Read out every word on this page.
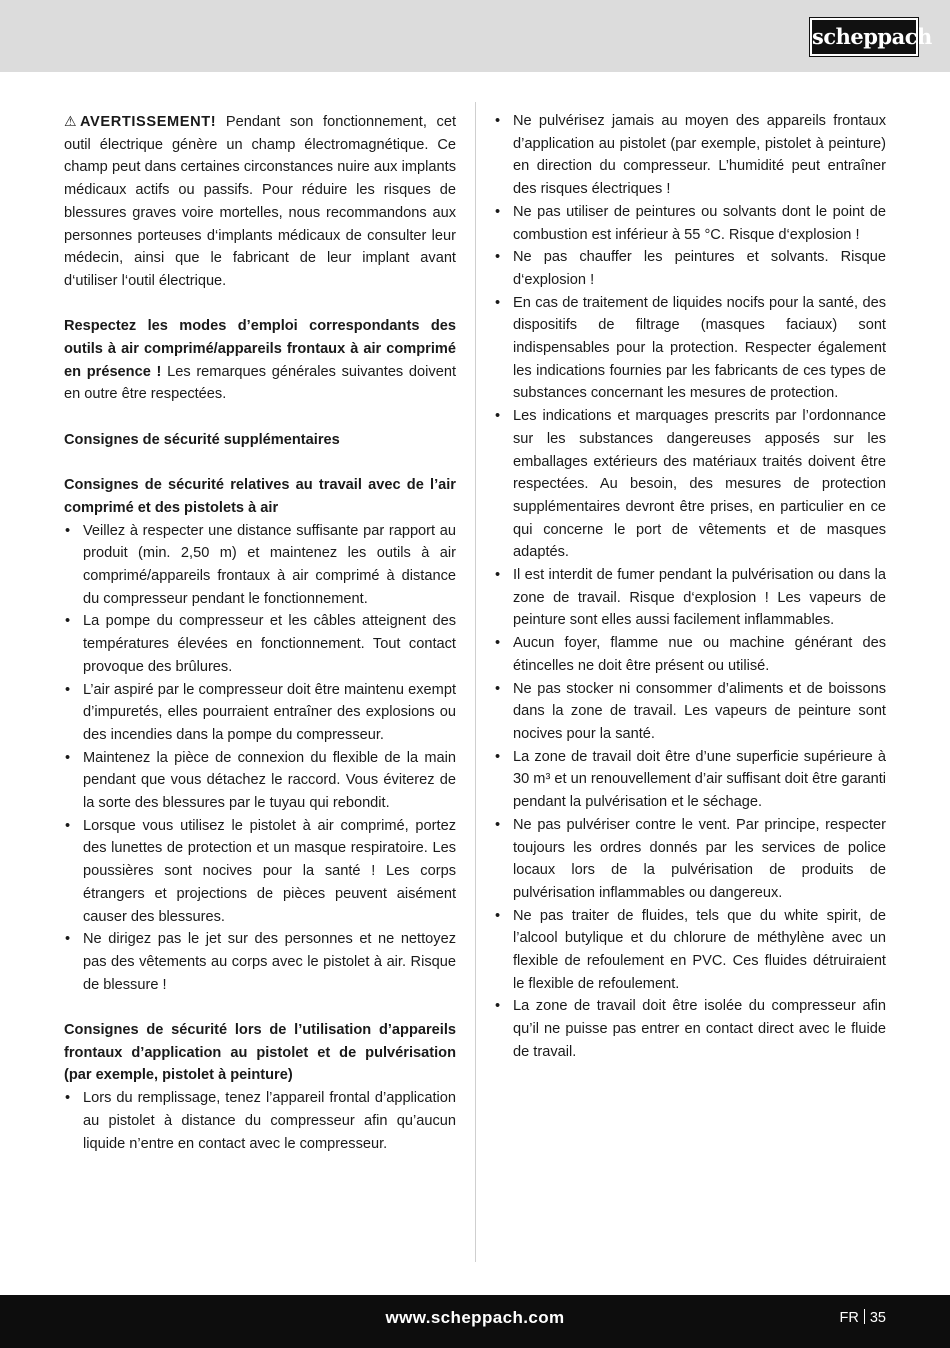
scheppach

⚠ AVERTISSEMENT! Pendant son fonctionnement, cet outil électrique génère un champ électromagnétique. Ce champ peut dans certaines circonstances nuire aux implants médicaux actifs ou passifs. Pour réduire les risques de blessures graves voire mortelles, nous recommandons aux personnes porteuses d‘implants médicaux de consulter leur médecin, ainsi que le fabricant de leur implant avant d‘utiliser l‘outil électrique.

Respectez les modes d’emploi correspondants des outils à air comprimé/appareils frontaux à air comprimé en présence ! Les remarques générales suivantes doivent en outre être respectées.

Consignes de sécurité supplémentaires

Consignes de sécurité relatives au travail avec de l’air comprimé et des pistolets à air

• Veillez à respecter une distance suffisante par rapport au produit (min. 2,50 m) et maintenez les outils à air comprimé/appareils frontaux à air comprimé à distance du compresseur pendant le fonctionnement.
• La pompe du compresseur et les câbles atteignent des températures élevées en fonctionnement. Tout contact provoque des brûlures.
• L’air aspiré par le compresseur doit être maintenu exempt d’impuretés, elles pourraient entraîner des explosions ou des incendies dans la pompe du compresseur.
• Maintenez la pièce de connexion du flexible de la main pendant que vous détachez le raccord. Vous éviterez de la sorte des blessures par le tuyau qui rebondit.
• Lorsque vous utilisez le pistolet à air comprimé, portez des lunettes de protection et un masque respiratoire. Les poussières sont nocives pour la santé ! Les corps étrangers et projections de pièces peuvent aisément causer des blessures.
• Ne dirigez pas le jet sur des personnes et ne nettoyez pas des vêtements au corps avec le pistolet à air. Risque de blessure !

Consignes de sécurité lors de l’utilisation d’appareils frontaux d’application au pistolet et de pulvérisation (par exemple, pistolet à peinture)

• Lors du remplissage, tenez l’appareil frontal d’application au pistolet à distance du compresseur afin qu’aucun liquide n’entre en contact avec le compresseur.
• Ne pulvérisez jamais au moyen des appareils frontaux d’application au pistolet (par exemple, pistolet à peinture) en direction du compresseur. L’humidité peut entraîner des risques électriques !
• Ne pas utiliser de peintures ou solvants dont le point de combustion est inférieur à 55 °C. Risque d‘explosion !
• Ne pas chauffer les peintures et solvants. Risque d‘explosion !
• En cas de traitement de liquides nocifs pour la santé, des dispositifs de filtrage (masques faciaux) sont indispensables pour la protection. Respecter également les indications fournies par les fabricants de ces types de substances concernant les mesures de protection.
• Les indications et marquages prescrits par l’ordonnance sur les substances dangereuses apposés sur les emballages extérieurs des matériaux traités doivent être respectées. Au besoin, des mesures de protection supplémentaires devront être prises, en particulier en ce qui concerne le port de vêtements et de masques adaptés.
• Il est interdit de fumer pendant la pulvérisation ou dans la zone de travail. Risque d‘explosion ! Les vapeurs de peinture sont elles aussi facilement inflammables.
• Aucun foyer, flamme nue ou machine générant des étincelles ne doit être présent ou utilisé.
• Ne pas stocker ni consommer d’aliments et de boissons dans la zone de travail. Les vapeurs de peinture sont nocives pour la santé.
• La zone de travail doit être d’une superficie supérieure à 30 m³ et un renouvellement d’air suffisant doit être garanti pendant la pulvérisation et le séchage.
• Ne pas pulvériser contre le vent. Par principe, respecter toujours les ordres donnés par les services de police locaux lors de la pulvérisation de produits de pulvérisation inflammables ou dangereux.
• Ne pas traiter de fluides, tels que du white spirit, de l’alcool butylique et du chlorure de méthylène avec un flexible de refoulement en PVC. Ces fluides détruiraient le flexible de refoulement.
• La zone de travail doit être isolée du compresseur afin qu’il ne puisse pas entrer en contact direct avec le fluide de travail.
www.scheppach.com	FR 35
